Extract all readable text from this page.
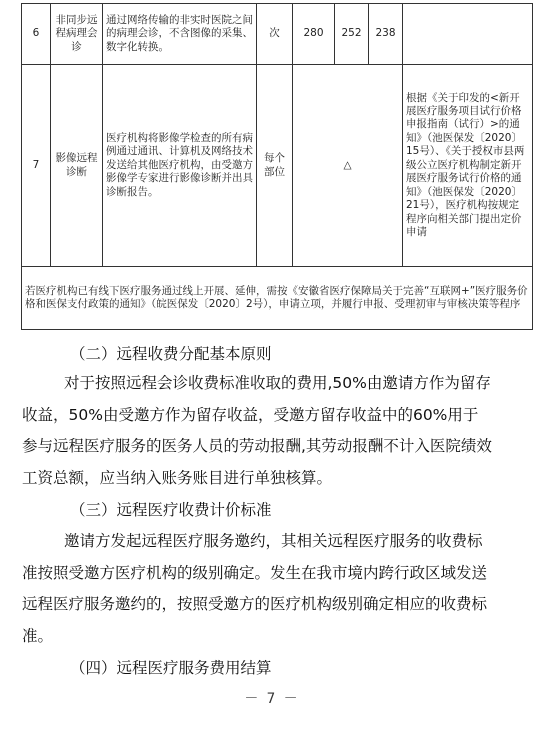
6	非同步远程病理会诊	通过网络传输的非实时医院之间的病理会诊，不含图像的采集、数字化转换。	次	280	252	238	
7	影像远程诊断	医疗机构将影像学检查的所有病例通过通讯、计算机及网络技术发送给其他医疗机构，由受邀方影像学专家进行影像诊断并出具诊断报告。	每个部位	△			根据《关于印发的<新开展医疗服务项目试行价格申报指南（试行）>的通知》（池医保发〔2020〕15号）、《关于授权市县两级公立医疗机构制定新开展医疗服务试行价格的通知》（池医保发〔2020〕21号），医疗机构按规定程序向相关部门提出定价申请
若医疗机构已有线下医疗服务通过线上开展、延伸，需按《安徽省医疗保障局关于完善“互联网+”医疗服务价格和医保支付政策的通知》（皖医保发〔2020〕2号），申请立项，并履行申报、受理初审与审核决策等程序							
（二）远程收费分配基本原则
对于按照远程会诊收费标准收取的费用,50%由邀请方作为留存收益，50%由受邀方作为留存收益，受邀方留存收益中的60%用于参与远程医疗服务的医务人员的劳动报酬,其劳动报酬不计入医院绩效工资总额，应当纳入账务账目进行单独核算。
（三）远程医疗收费计价标准
邀请方发起远程医疗服务邀约，其相关远程医疗服务的收费标准按照受邀方医疗机构的级别确定。发生在我市境内跨行政区域发送远程医疗服务邀约的，按照受邀方的医疗机构级别确定相应的收费标准。
（四）远程医疗服务费用结算
－ 7 －
